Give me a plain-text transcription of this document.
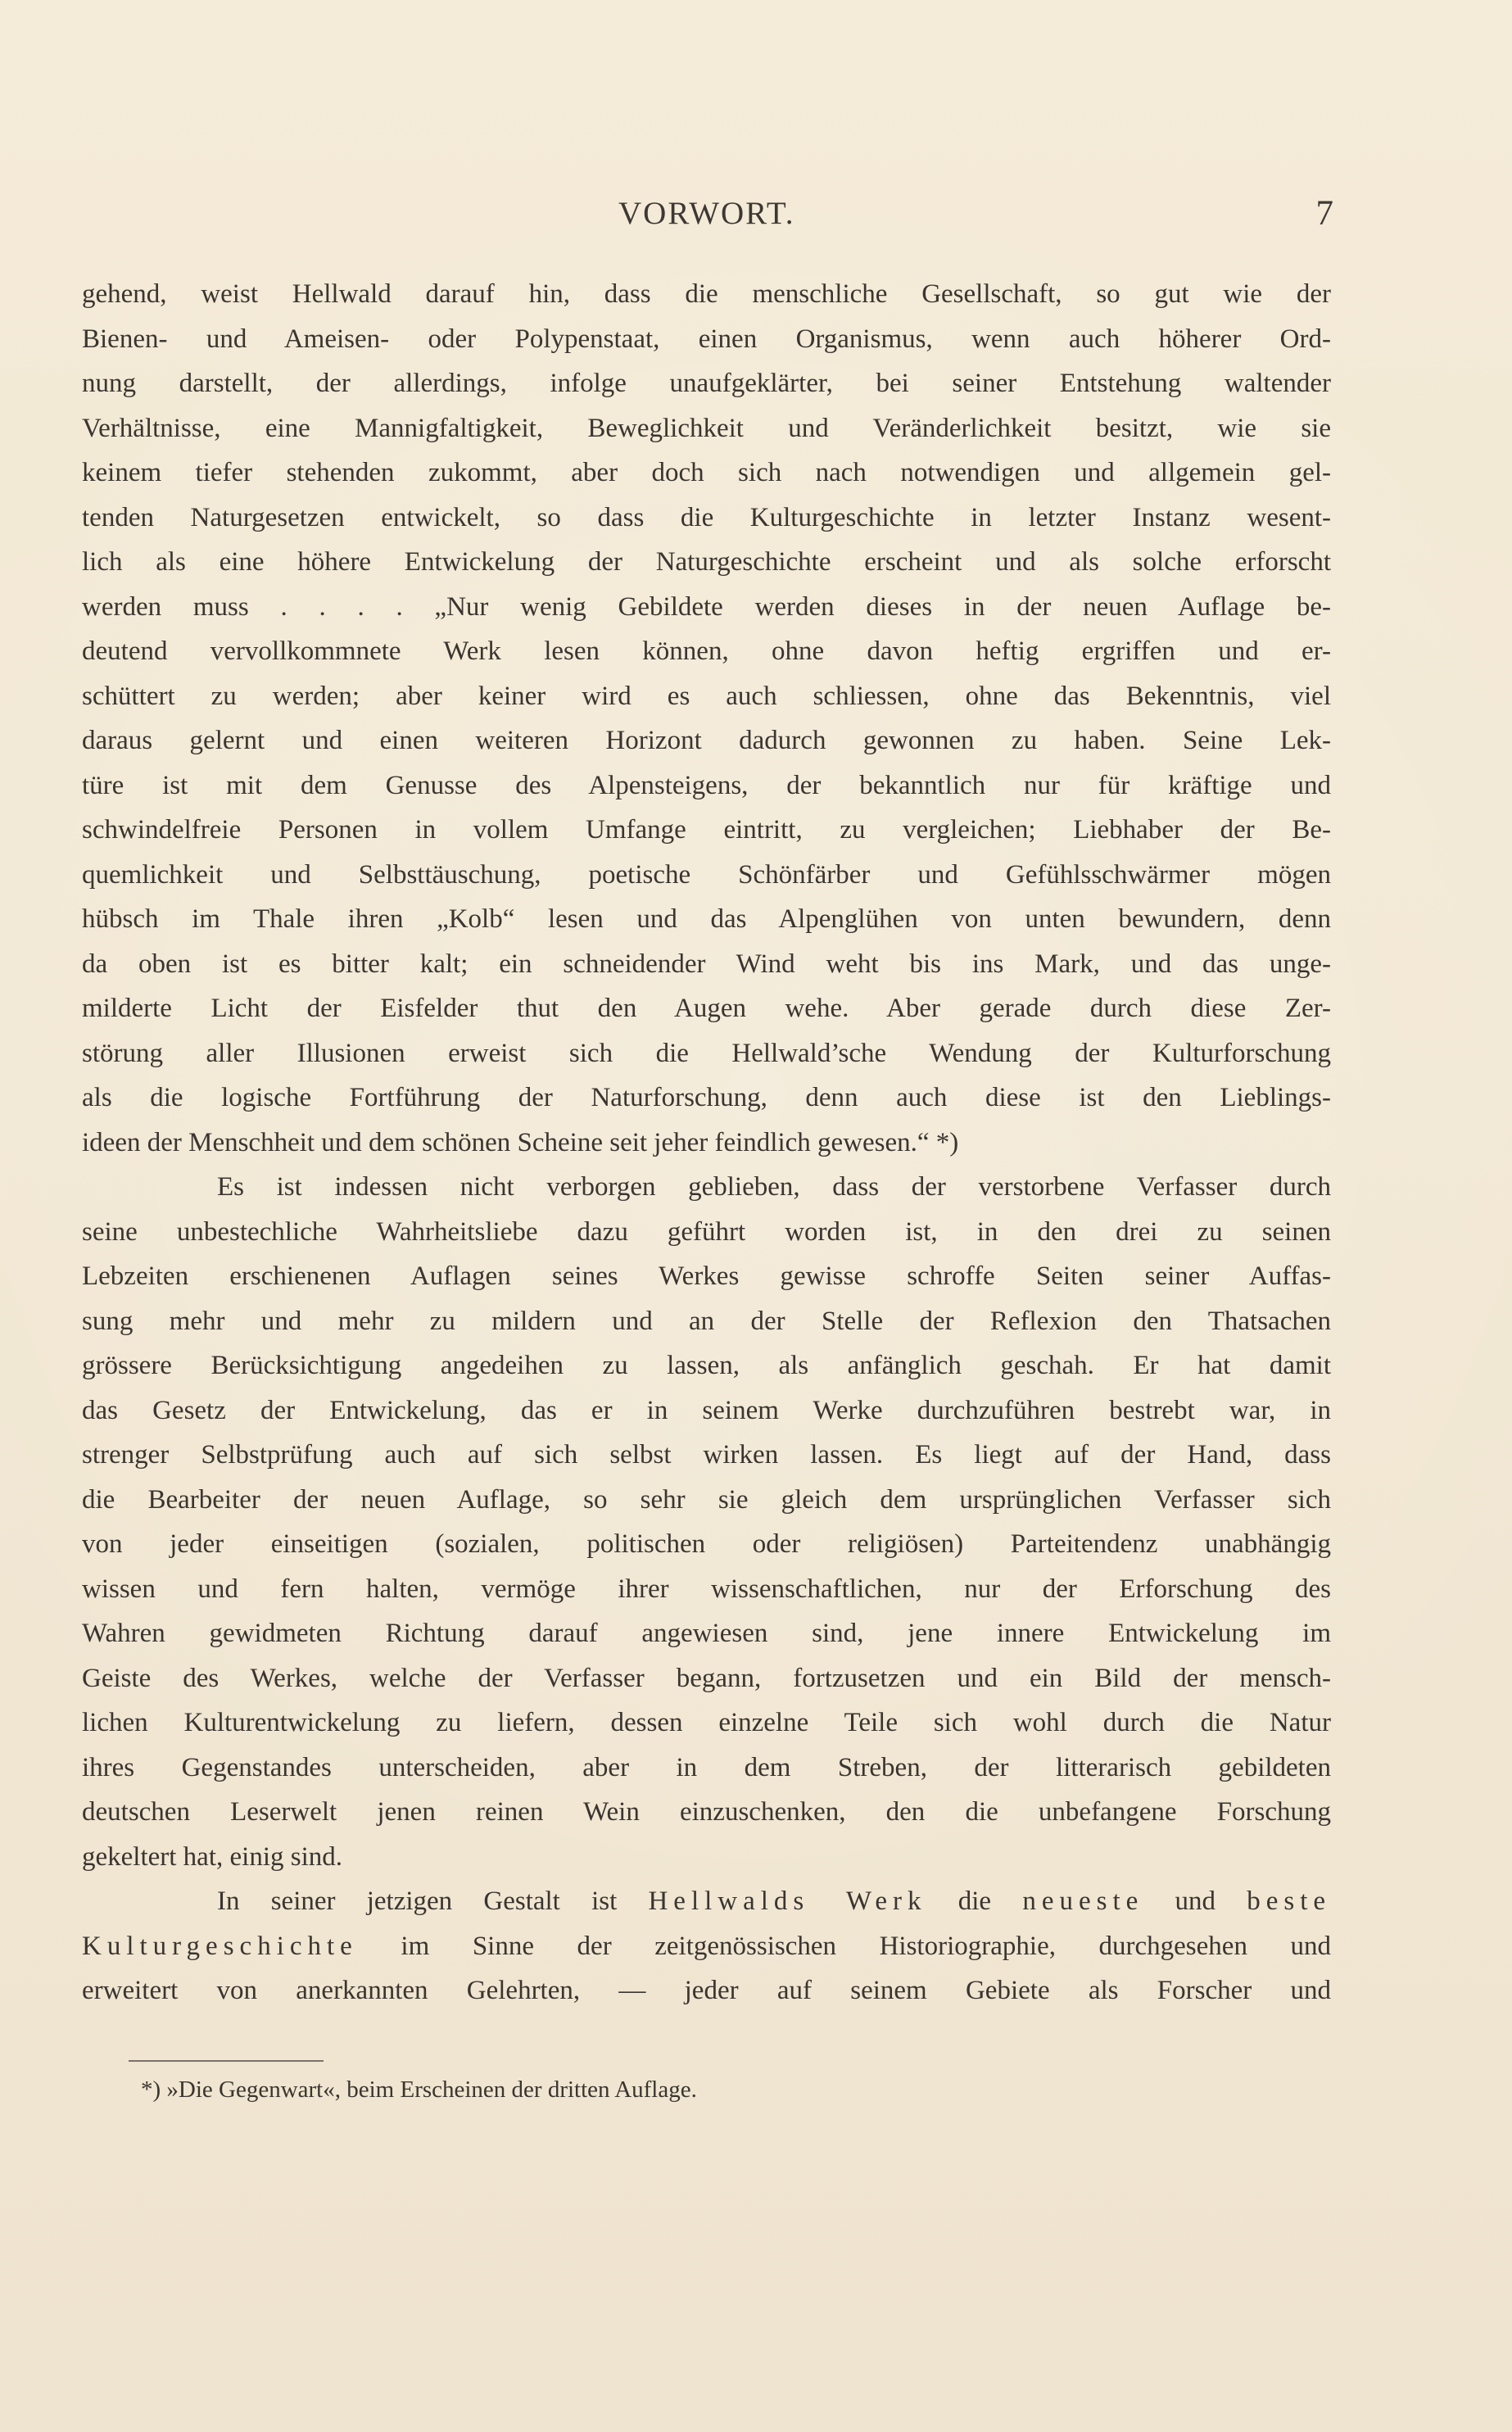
VORWORT.	7
gehend, weist Hellwald darauf hin, dass die menschliche Gesellschaft, so gut wie der
Bienen- und Ameisen- oder Polypenstaat, einen Organismus, wenn auch höherer Ord-
nung darstellt, der allerdings, infolge unaufgeklärter, bei seiner Entstehung waltender
Verhältnisse, eine Mannigfaltigkeit, Beweglichkeit und Veränderlichkeit besitzt, wie sie
keinem tiefer stehenden zukommt, aber doch sich nach notwendigen und allgemein gel-
tenden Naturgesetzen entwickelt, so dass die Kulturgeschichte in letzter Instanz wesent-
lich als eine höhere Entwickelung der Naturgeschichte erscheint und als solche erforscht
werden muss . . . . „Nur wenig Gebildete werden dieses in der neuen Auflage be-
deutend vervollkommnete Werk lesen können, ohne davon heftig ergriffen und er-
schüttert zu werden; aber keiner wird es auch schliessen, ohne das Bekenntnis, viel
daraus gelernt und einen weiteren Horizont dadurch gewonnen zu haben. Seine Lek-
türe ist mit dem Genusse des Alpensteigens, der bekanntlich nur für kräftige und
schwindelfreie Personen in vollem Umfange eintritt, zu vergleichen; Liebhaber der Be-
quemlichkeit und Selbsttäuschung, poetische Schönfärber und Gefühlsschwärmer mögen
hübsch im Thale ihren „Kolb“ lesen und das Alpenglühen von unten bewundern, denn
da oben ist es bitter kalt; ein schneidender Wind weht bis ins Mark, und das unge-
milderte Licht der Eisfelder thut den Augen wehe. Aber gerade durch diese Zer-
störung aller Illusionen erweist sich die Hellwald’sche Wendung der Kulturforschung
als die logische Fortführung der Naturforschung, denn auch diese ist den Lieblings-
ideen der Menschheit und dem schönen Scheine seit jeher feindlich gewesen.“ *)
Es ist indessen nicht verborgen geblieben, dass der verstorbene Verfasser durch
seine unbestechliche Wahrheitsliebe dazu geführt worden ist, in den drei zu seinen
Lebzeiten erschienenen Auflagen seines Werkes gewisse schroffe Seiten seiner Auffas-
sung mehr und mehr zu mildern und an der Stelle der Reflexion den Thatsachen
grössere Berücksichtigung angedeihen zu lassen, als anfänglich geschah. Er hat damit
das Gesetz der Entwickelung, das er in seinem Werke durchzuführen bestrebt war, in
strenger Selbstprüfung auch auf sich selbst wirken lassen. Es liegt auf der Hand, dass
die Bearbeiter der neuen Auflage, so sehr sie gleich dem ursprünglichen Verfasser sich
von jeder einseitigen (sozialen, politischen oder religiösen) Parteitendenz unabhängig
wissen und fern halten, vermöge ihrer wissenschaftlichen, nur der Erforschung des
Wahren gewidmeten Richtung darauf angewiesen sind, jene innere Entwickelung im
Geiste des Werkes, welche der Verfasser begann, fortzusetzen und ein Bild der mensch-
lichen Kulturentwickelung zu liefern, dessen einzelne Teile sich wohl durch die Natur
ihres Gegenstandes unterscheiden, aber in dem Streben, der litterarisch gebildeten
deutschen Leserwelt jenen reinen Wein einzuschenken, den die unbefangene Forschung
gekeltert hat, einig sind.
In seiner jetzigen Gestalt ist Hellwalds Werk die neueste und beste
Kulturgeschichte im Sinne der zeitgenössischen Historiographie, durchgesehen und
erweitert von anerkannten Gelehrten, — jeder auf seinem Gebiete als Forscher und
*) »Die Gegenwart«, beim Erscheinen der dritten Auflage.
